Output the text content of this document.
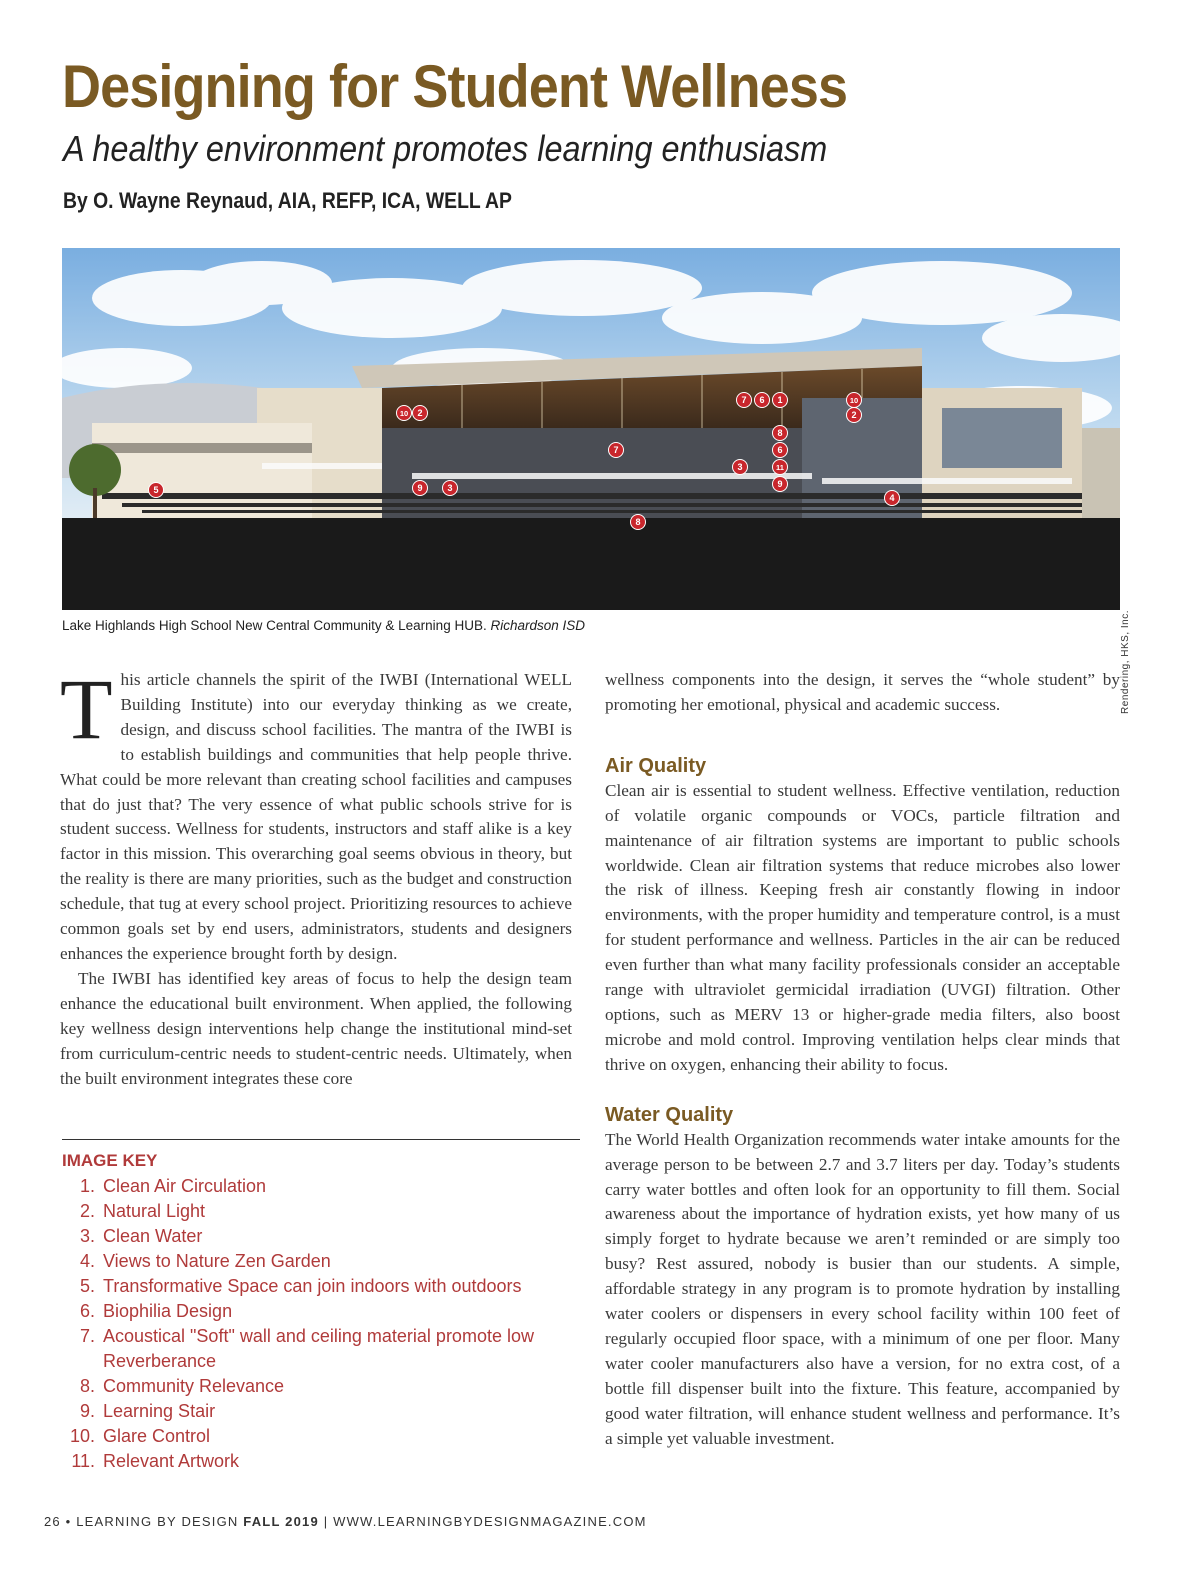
Designing for Student Wellness
A healthy environment promotes learning enthusiasm
By O. Wayne Reynaud, AIA, REFP, ICA, WELL AP
10 2
7 6 1	10
2
8
7	6
3	11
9
5	9	3
8
4
Rendering, HKS, Inc.
Lake Highlands High School New Central Community & Learning HUB. Richardson ISD

This article channels the spirit of the IWBI (International WELL Building Institute) into our everyday thinking as we create, design, and discuss school facilities. The mantra of the IWBI is to establish buildings and communities that help people thrive. What could be more relevant than creating school facilities and campuses that do just that? The very essence of what public schools strive for is student success. Wellness for students, instructors and staff alike is a key factor in this mission. This overarching goal seems obvious in theory, but the reality is there are many priorities, such as the budget and construction schedule, that tug at every school project. Prioritizing resources to achieve common goals set by end users, administrators, students and designers enhances the experience brought forth by design.

The IWBI has identified key areas of focus to help the design team enhance the educational built environment. When applied, the following key wellness design interventions help change the institutional mind-set from curriculum-centric needs to student-centric needs. Ultimately, when the built environment integrates these core

wellness components into the design, it serves the “whole student” by promoting her emotional, physical and academic success.

Air Quality

Clean air is essential to student wellness. Effective ventilation, reduction of volatile organic compounds or VOCs, particle filtration and maintenance of air filtration systems are important to public schools worldwide. Clean air filtration systems that reduce microbes also lower the risk of illness. Keeping fresh air constantly flowing in indoor environments, with the proper humidity and temperature control, is a must for student performance and wellness. Particles in the air can be reduced even further than what many facility professionals consider an acceptable range with ultraviolet germicidal irradiation (UVGI) filtration. Other options, such as MERV 13 or higher-grade media filters, also boost microbe and mold control. Improving ventilation helps clear minds that thrive on oxygen, enhancing their ability to focus.

Water Quality

The World Health Organization recommends water intake amounts for the average person to be between 2.7 and 3.7 liters per day. Today’s students carry water bottles and often look for an opportunity to fill them. Social awareness about the importance of hydration exists, yet how many of us simply forget to hydrate because we aren’t reminded or are simply too busy? Rest assured, nobody is busier than our students. A simple, affordable strategy in any program is to promote hydration by installing water coolers or dispensers in every school facility within 100 feet of regularly occupied floor space, with a minimum of one per floor. Many water cooler manufacturers also have a version, for no extra cost, of a bottle fill dispenser built into the fixture. This feature, accompanied by good water filtration, will enhance student wellness and performance. It’s a simple yet valuable investment.

IMAGE KEY
1. Clean Air Circulation
2. Natural Light
3. Clean Water
4. Views to Nature Zen Garden
5. Transformative Space can join indoors with outdoors
6. Biophilia Design
7. Acoustical "Soft" wall and ceiling material promote low Reverberance
8. Community Relevance
9. Learning Stair
10. Glare Control
11. Relevant Artwork
26 • LEARNING BY DESIGN FALL 2019 | WWW.LEARNINGBYDESIGNMAGAZINE.COM
